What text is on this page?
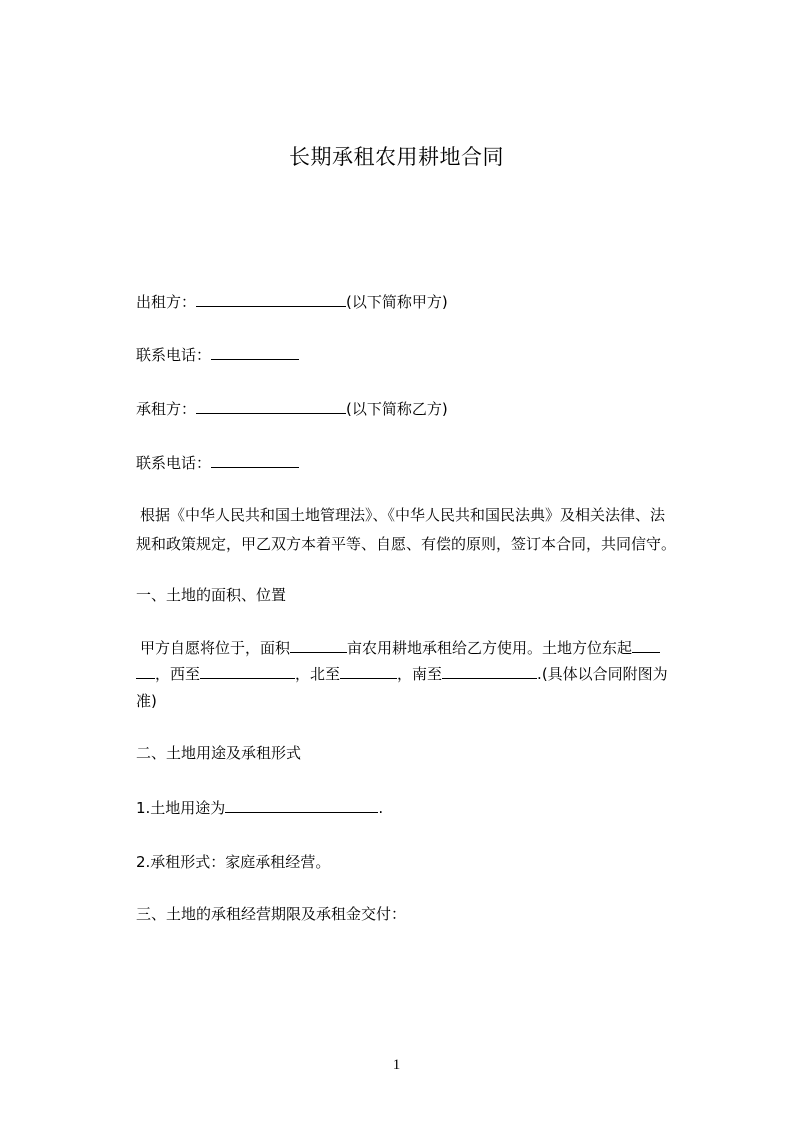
长期承租农用耕地合同
出租方：	(以下简称甲方)
联系电话：
承租方：	(以下简称乙方)
联系电话：
根据《中华人民共和国土地管理法》、《中华人民共和国民法典》及相关法律、法
规和政策规定，甲乙双方本着平等、自愿、有偿的原则，签订本合同，共同信守。
一、土地的面积、位置
甲方自愿将位于，面积	亩农用耕地承租给乙方使用。土地方位东起
，西至	，北至	，南至	.(具体以合同附图为
准)
二、土地用途及承租形式
1.土地用途为	.
2.承租形式：家庭承租经营。
三、土地的承租经营期限及承租金交付：
1
